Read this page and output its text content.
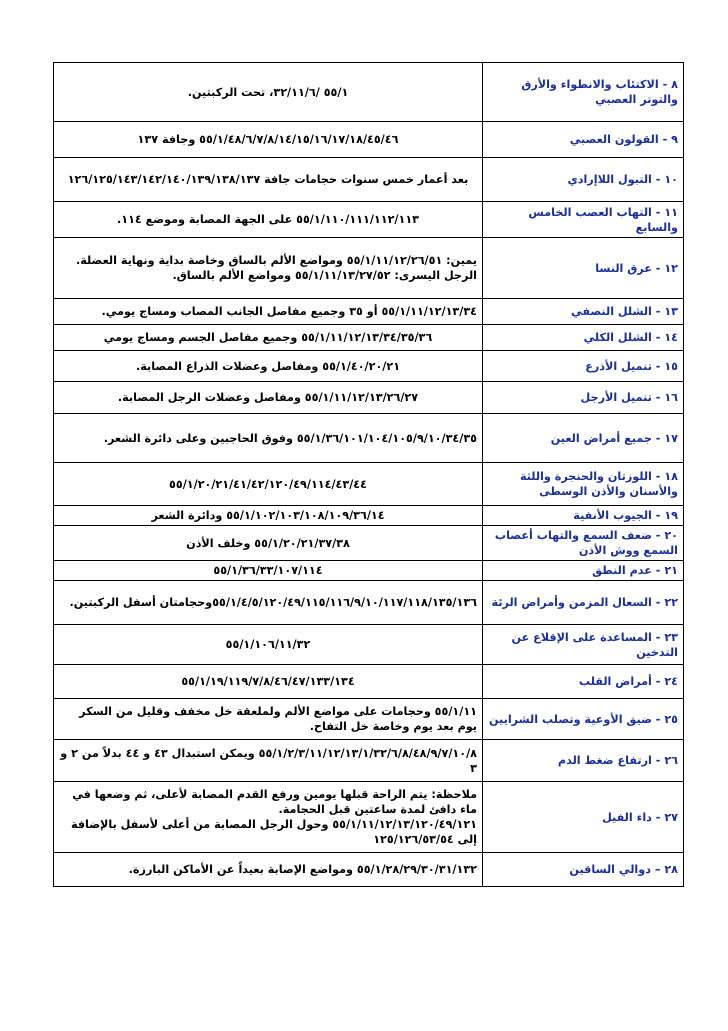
٨ - الاكتئاب والانطواء والأرق والتوتر العصبي	٥٥/١ /٣٢/١١/٦، تحت الركبتين.
٩ - القولون العصبي	٥٥/١/٤٨/٦/٧/٨/١٤/١٥/١٦/١٧/١٨/٤٥/٤٦ وجافة ١٣٧
١٠ - التبول اللاإرادي	بعد أعمار خمس سنوات حجامات جافة ١٢٦/١٢٥/١٤٣/١٤٢/١٤٠/١٣٩/١٣٨/١٣٧
١١ - التهاب العصب الخامس والسابع	٥٥/١/١١٠/١١١/١١٢/١١٣ على الجهة المصابة وموضع ١١٤.
١٢ - عرق النسا	يمين: ٥٥/١/١١/١٢/٢٦/٥١ ومواضع الألم بالساق وخاصة بداية ونهاية العضلة.
الرجل اليسرى: ٥٥/١/١١/١٣/٢٧/٥٢ ومواضع الألم بالساق.
١٣ - الشلل النصفي	٥٥/١/١١/١٢/١٣/٣٤ أو ٣٥ وجميع مفاصل الجانب المصاب ومساج يومي.
١٤ - الشلل الكلي	٥٥/١/١١/١٢/١٣/٣٤/٣٥/٣٦ وجميع مفاصل الجسم ومساج يومي
١٥ - تنميل الأذرع	٥٥/١/٤٠/٢٠/٢١ ومفاصل وعضلات الذراع المصابة.
١٦ - تنميل الأرجل	٥٥/١/١١/١٢/١٣/٢٦/٢٧ ومفاصل وعضلات الرجل المصابة.
١٧ - جميع أمراض العين	٥٥/١/٣٦/١٠١/١٠٤/١٠٥/٩/١٠/٣٤/٣٥ وفوق الحاجبين وعلى دائرة الشعر.
١٨ - اللوزتان والحنجرة واللثة والأسنان والأذن الوسطى	٥٥/١/٢٠/٢١/٤١/٤٢/١٢٠/٤٩/١١٤/٤٣/٤٤
١٩ - الجيوب الأنفية	٥٥/١/١٠٢/١٠٣/١٠٨/١٠٩/٣٦/١٤ ودائرة الشعر
٢٠ - ضعف السمع والتهاب أعصاب السمع ووش الأذن	٥٥/١/٢٠/٢١/٣٧/٣٨ وخلف الأذن
٢١ - عدم النطق	٥٥/١/٣٦/٣٣/١٠٧/١١٤
٢٢ - السعال المزمن وأمراض الرئة	٥٥/١/٤/٥/١٢٠/٤٩/١١٥/١١٦/٩/١٠/١١٧/١١٨/١٣٥/١٣٦وحجامتان أسفل الركبتين.
٢٣ - المساعدة على الإقلاع عن التدخين	٥٥/١/١٠٦/١١/٣٢
٢٤ - أمراض القلب	٥٥/١/١٩/١١٩/٧/٨/٤٦/٤٧/١٣٣/١٣٤
٢٥ - ضيق الأوعية وتصلب الشرايين	٥٥/١/١١ وحجامات على مواضع الألم ولملعقة خل مخفف وقليل من السكر يوم بعد يوم وخاصة خل التفاح.
٢٦ - ارتفاع ضغط الدم	٥٥/١/٢/٣/١١/١٢/١٣/١/٣٢/٦/٨/٤٨/٩/٧/١٠/٨ ويمكن استبدال ٤٣ و ٤٤ بدلاً من ٢ و ٣
٢٧ - داء الفيل	ملاحظة: يتم الراحة قبلها يومين ورفع القدم المصابة لأعلى، ثم وضعها في ماء دافئ لمدة ساعتين قبل الحجامة.
٥٥/١/١١/١٢/١٣/١٢٠/٤٩/١٢١ وحول الرجل المصابة من أعلى لأسفل بالإضافة إلى ١٢٥/١٢٦/٥٣/٥٤
٢٨ – دوالي الساقين	٥٥/١/٢٨/٢٩/٣٠/٣١/١٣٢ ومواضع الإصابة بعيداً عن الأماكن البارزة.
